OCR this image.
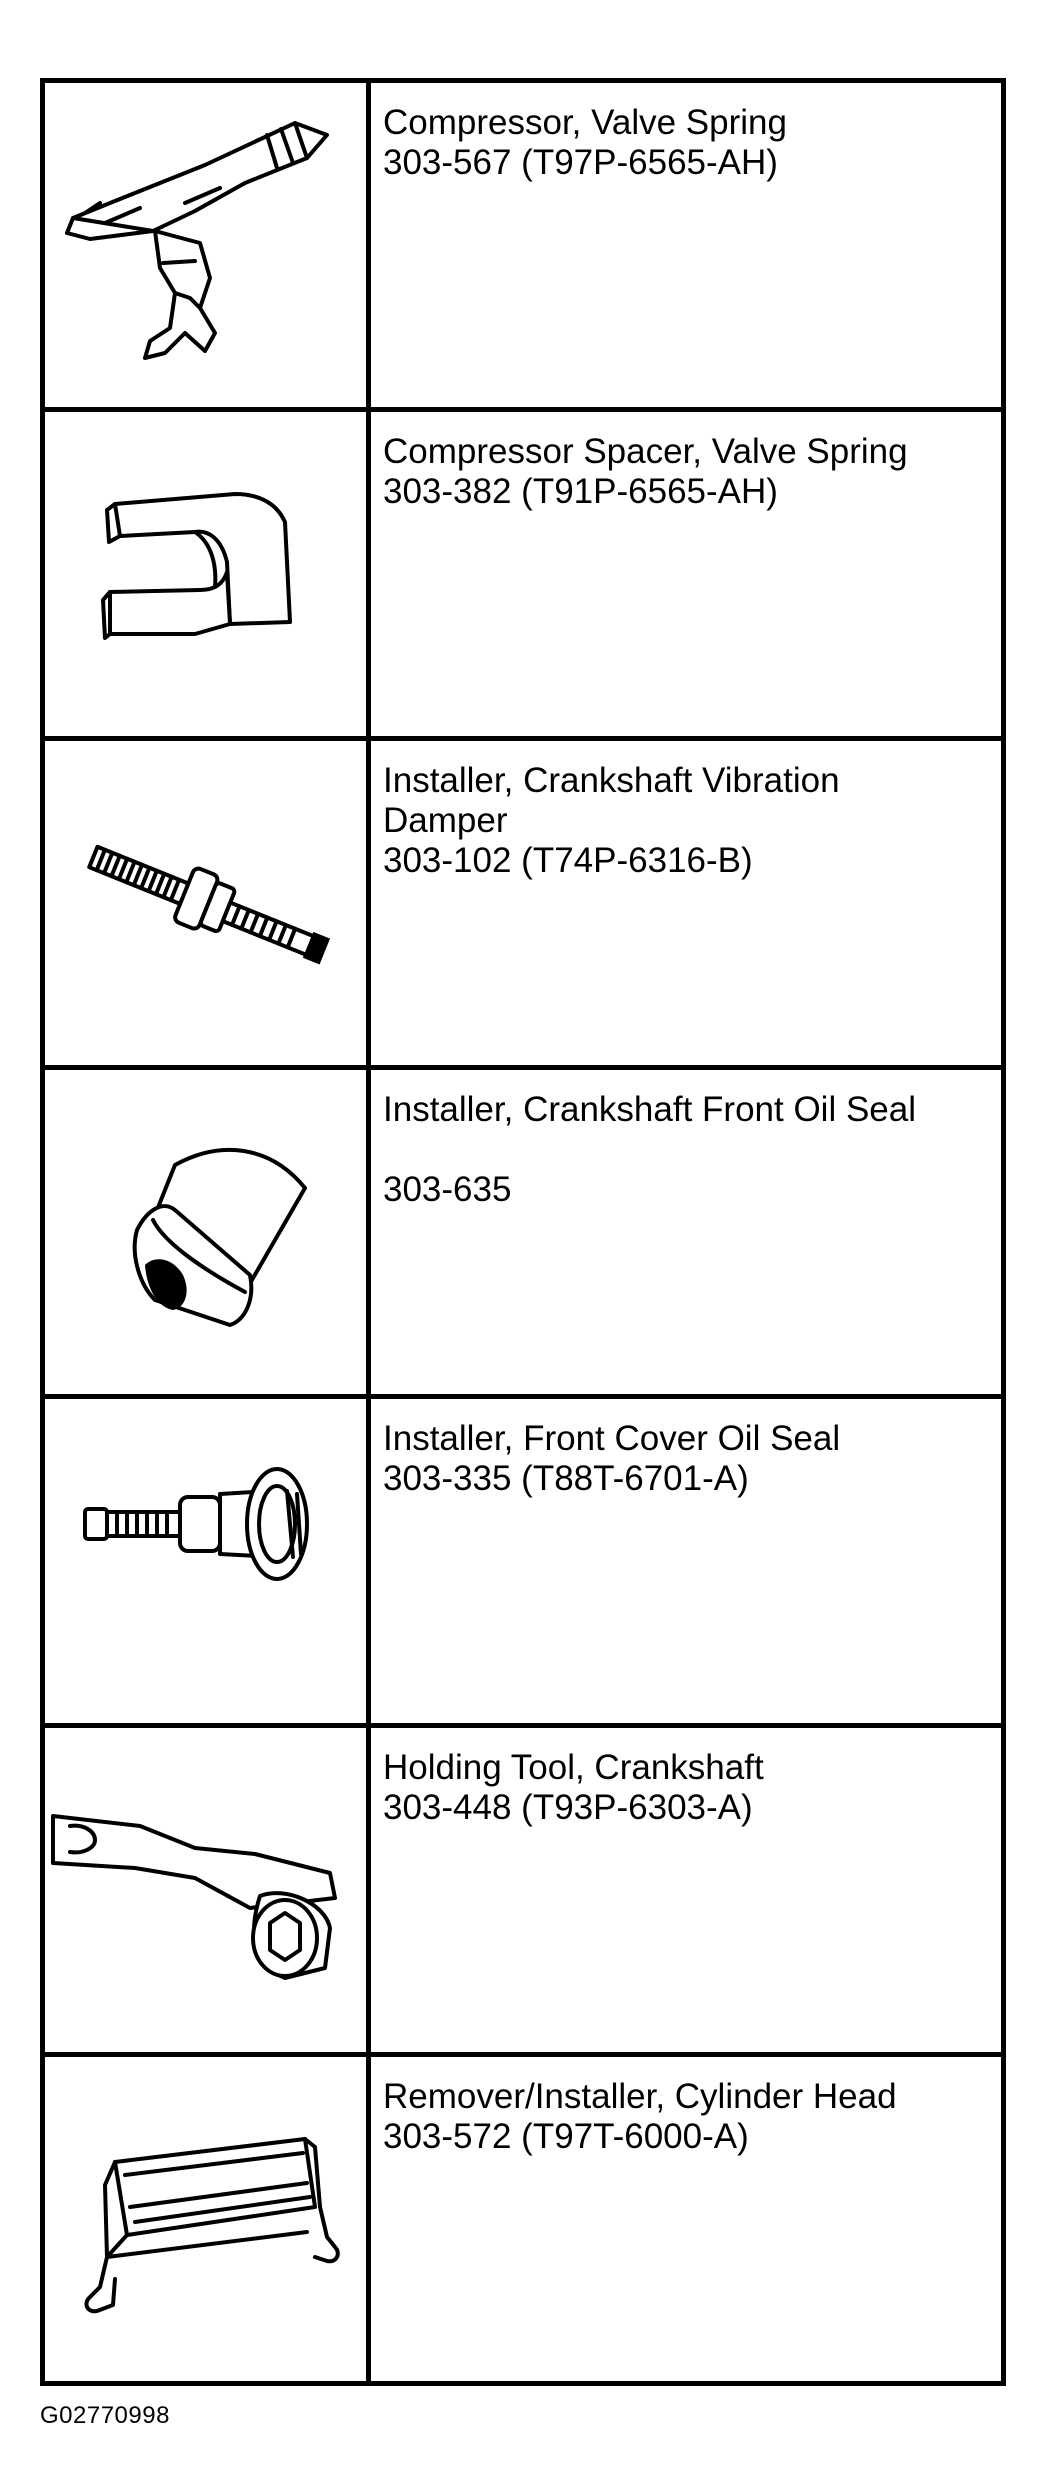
Compressor, Valve Spring
303-567 (T97P-6565-AH)

Compressor Spacer, Valve Spring
303-382 (T91P-6565-AH)

Installer, Crankshaft Vibration
Damper
303-102 (T74P-6316-B)

Installer, Crankshaft Front Oil Seal

303-635

Installer, Front Cover Oil Seal
303-335 (T88T-6701-A)

Holding Tool, Crankshaft
303-448 (T93P-6303-A)

Remover/Installer, Cylinder Head
303-572 (T97T-6000-A)
G02770998
